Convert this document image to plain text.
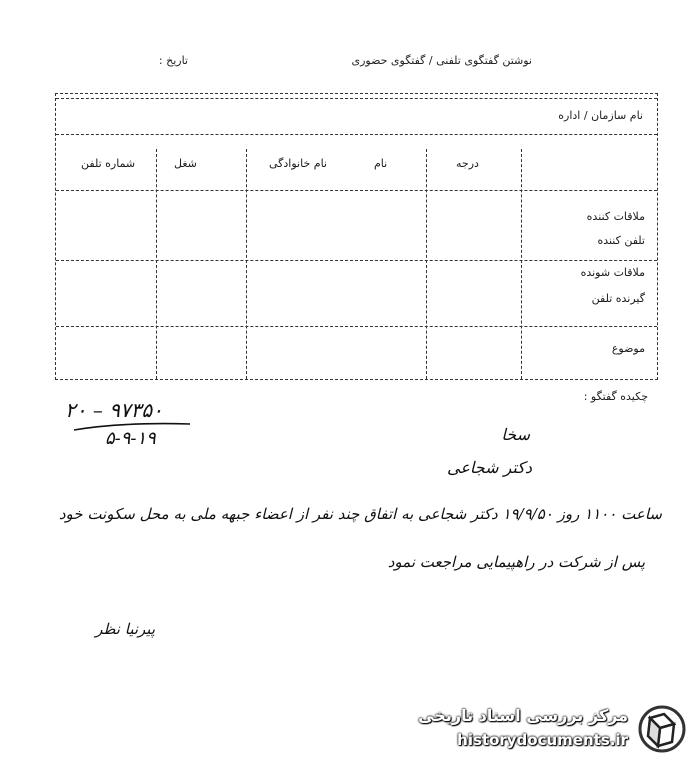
نوشتن گفتگوی تلفنی / گفتگوی حضوری
تاریخ :
نام سازمان / اداره
درجه
نام
نام خانوادگی
شغل
شماره تلفن
ملاقات کننده
تلفن کننده
ملاقات شونده
گیرنده تلفن
موضوع
چکیده گفتگو :
۲۰ – ۹۷۳۵۰
۵-۹-۱۹	سخا
دکتر شجاعی
ساعت ۱۱۰۰ روز ۱۹/۹/۵۰ دکتر شجاعی به اتفاق چند نفر از اعضاء جبهه ملی به محل سکونت خود
پس از شرکت در راهپیمایی مراجعت نمود
پیرنیا نظر
مرکز بررسی اسناد تاریخی
historydocuments.ir
